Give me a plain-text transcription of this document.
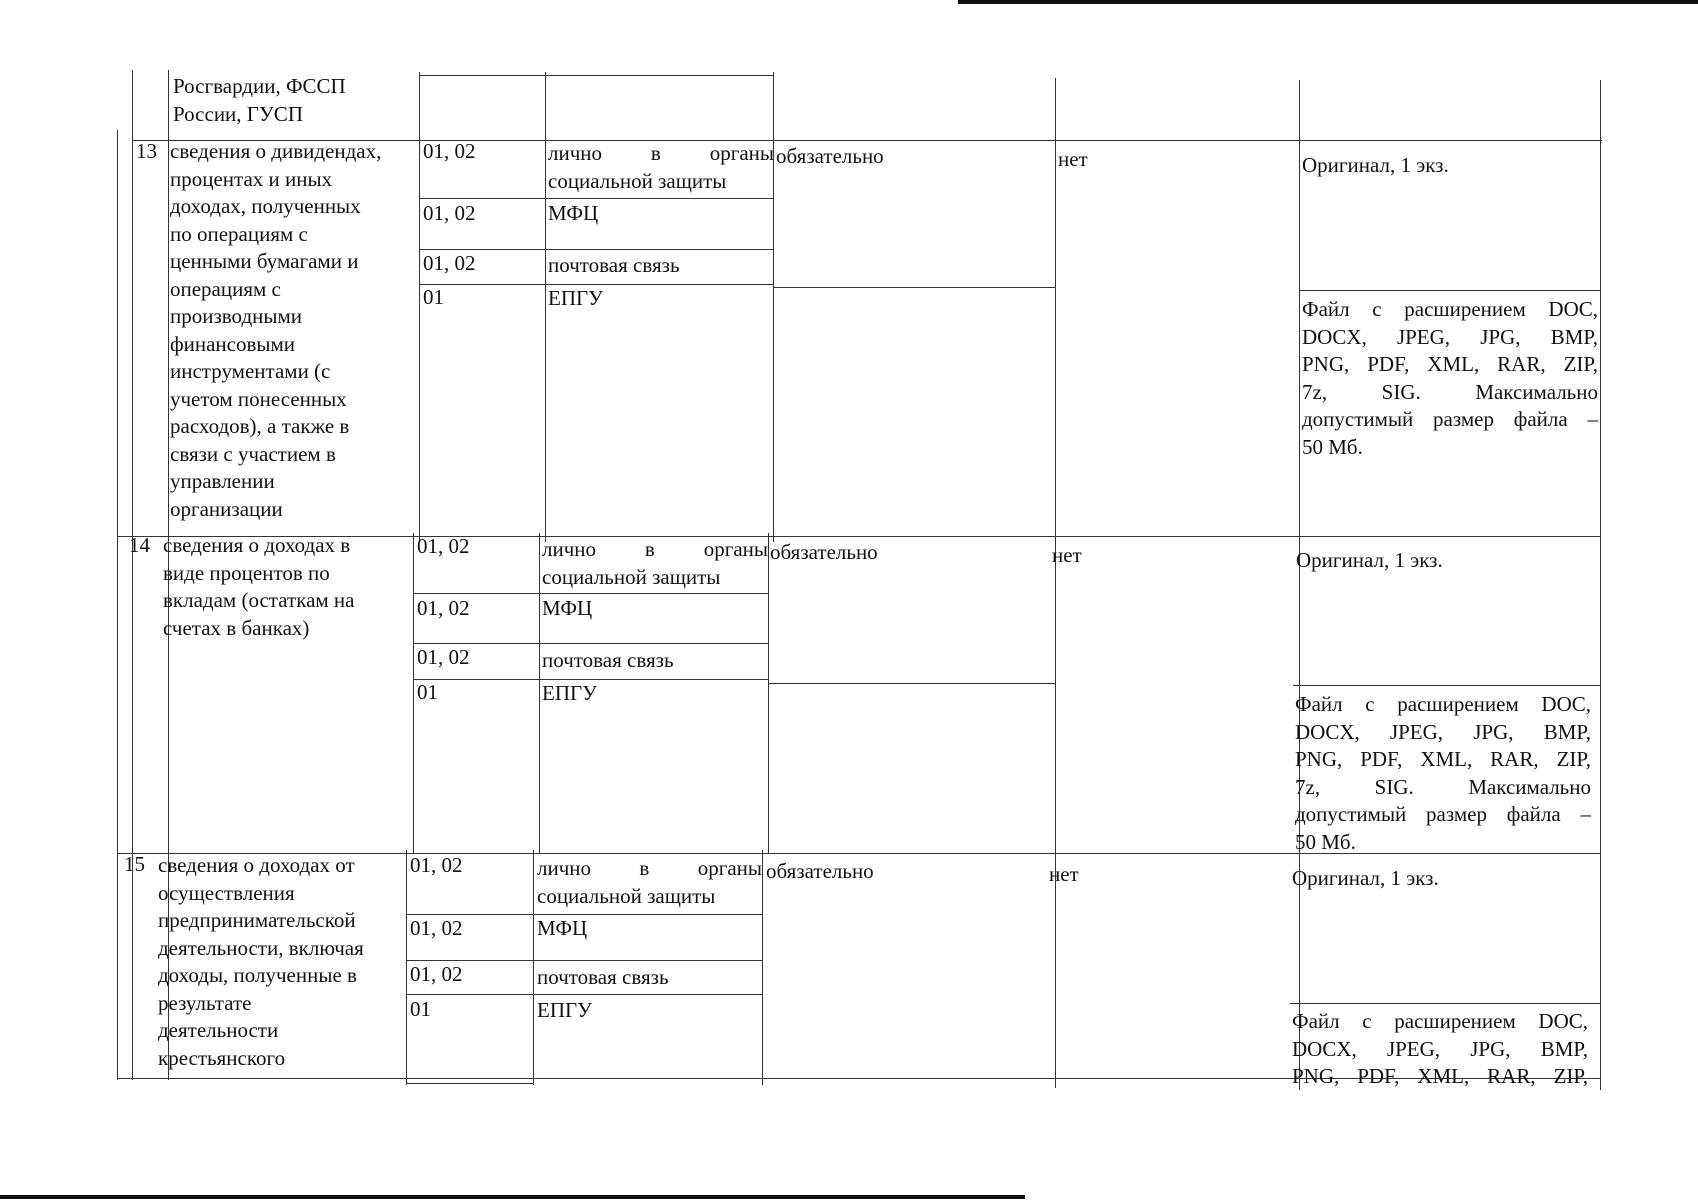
Росгвардии, ФССП
России, ГУСП
13 сведения о дивидендах,
процентах и иных
доходах, полученных
по операциям с
ценными бумагами и
операциям с
производными
финансовыми
инструментами (с
учетом понесенных
расходов), а также в
связи с участием в
управлении
организации
01, 02	лично в органы
социальной защиты
01, 02	МФЦ
01, 02	почтовая связь
01	ЕПГУ
обязательно	нет	Оригинал, 1 экз.
Файл с расширением DOC,
DOCX, JPEG, JPG, BMP,
PNG, PDF, XML, RAR, ZIP,
7z, SIG. Максимально
допустимый размер файла –
50 Мб.
14 сведения о доходах в
виде процентов по
вкладам (остаткам на
счетах в банках)
01, 02	лично в органы
социальной защиты
01, 02	МФЦ
01, 02	почтовая связь
01	ЕПГУ
обязательно	нет	Оригинал, 1 экз.
Файл с расширением DOC,
DOCX, JPEG, JPG, BMP,
PNG, PDF, XML, RAR, ZIP,
7z, SIG. Максимально
допустимый размер файла –
50 Мб.
15 сведения о доходах от
осуществления
предпринимательской
деятельности, включая
доходы, полученные в
результате
деятельности
крестьянского
01, 02	лично в органы
социальной защиты
01, 02	МФЦ
01, 02	почтовая связь
01	ЕПГУ
обязательно	нет	Оригинал, 1 экз.
Файл с расширением DOC,
DOCX, JPEG, JPG, BMP,
PNG, PDF, XML, RAR, ZIP,
